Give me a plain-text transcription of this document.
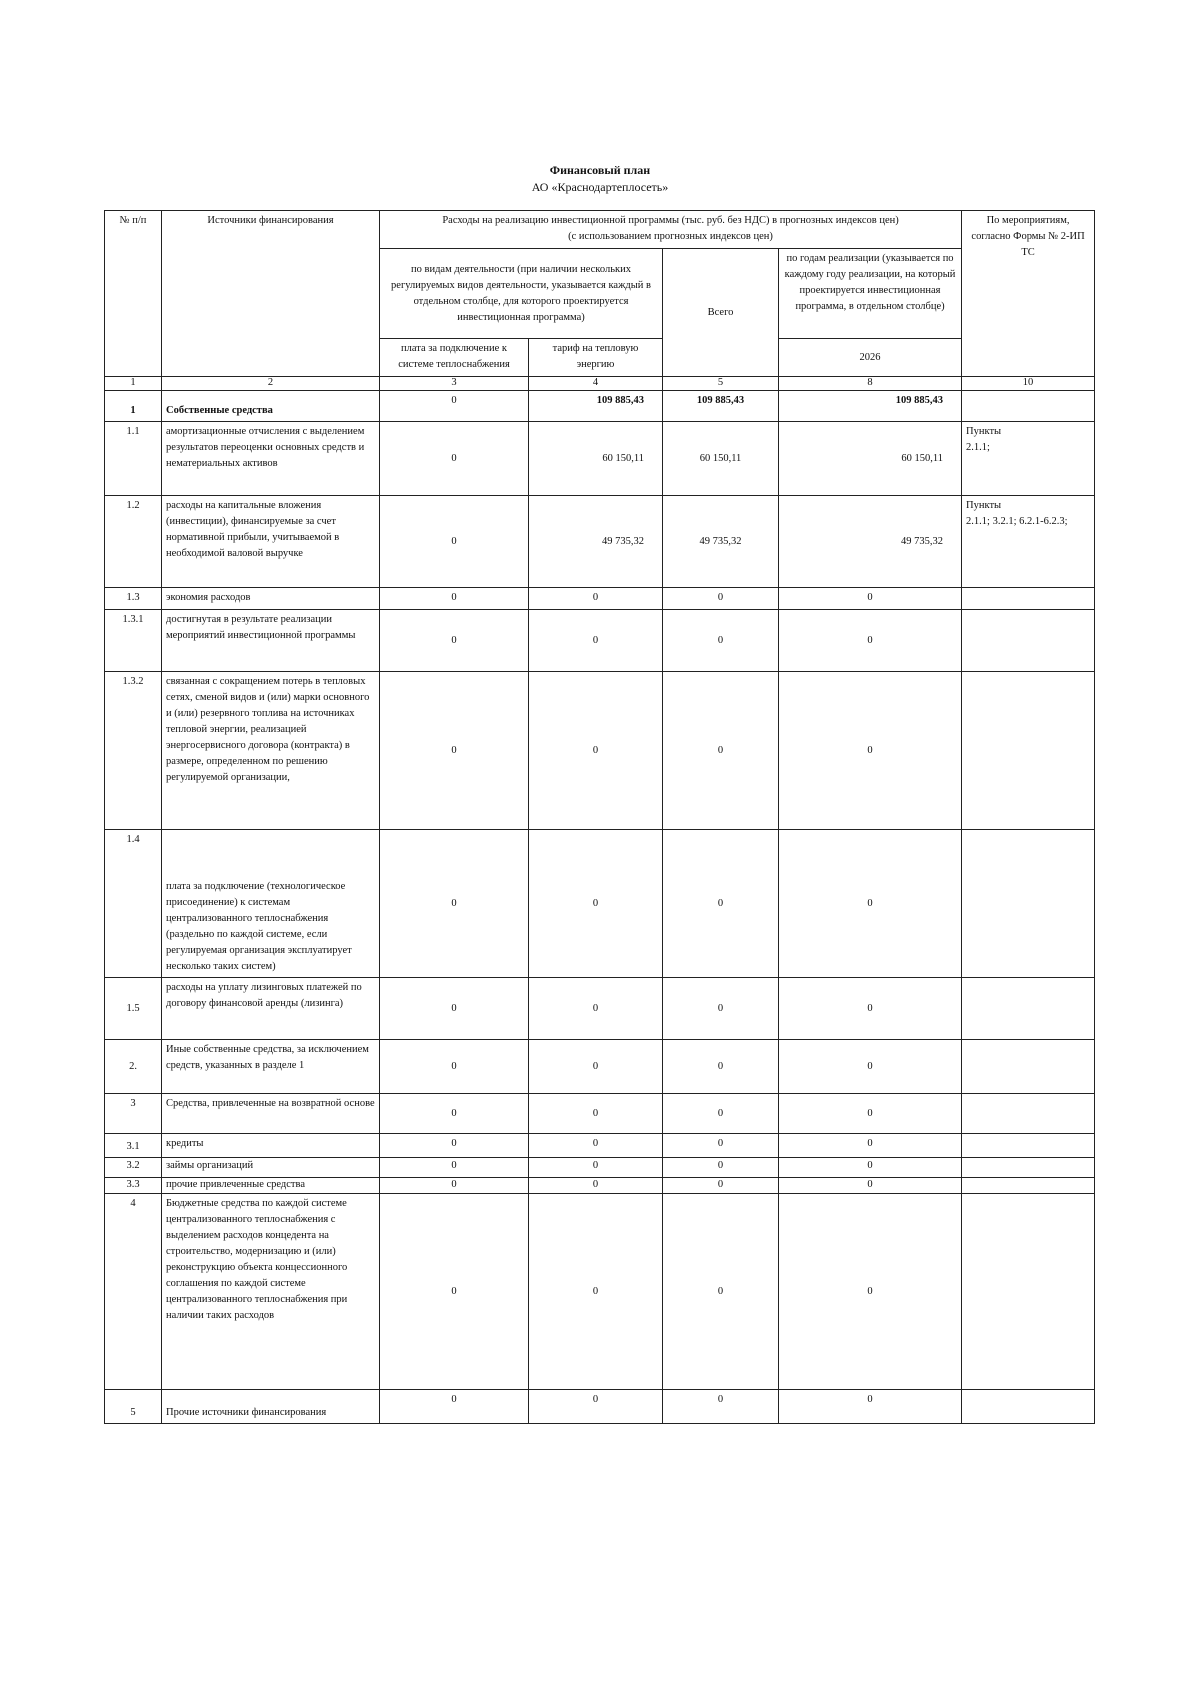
Финансовый план
АО «Краснодартеплосеть»
№ п/п	Источники финансирования	Расходы на реализацию инвестиционной программы (тыс. руб. без НДС) в прогнозных индексов цен)
(с использованием прогнозных индексов цен)				По мероприятиям, согласно Формы № 2-ИП ТС
		по видам деятельности (при наличии нескольких регулируемых видов деятельности, указывается каждый в отдельном столбце, для которого проектируется инвестиционная программа)		Всего	по годам реализации (указывается по каждому году реализации, на который проектируется инвестиционная программа, в отдельном столбце)	
		плата за подключение к системе теплоснабжения	тариф на тепловую энергию		2026	
1	2	3	4	5	8	10
1	Собственные средства	0	109 885,43	109 885,43	109 885,43	
1.1	амортизационные отчисления с выделением результатов переоценки основных средств и нематериальных активов	0	60 150,11	60 150,11	60 150,11	Пункты
2.1.1;

1.2	расходы на капитальные вложения (инвестиции), финансируемые за счет нормативной прибыли, учитываемой в необходимой валовой выручке	0	49 735,32	49 735,32	49 735,32	Пункты
2.1.1; 3.2.1; 6.2.1-6.2.3;

1.3	экономия расходов	0	0	0	0	
1.3.1	достигнутая в результате реализации мероприятий инвестиционной программы	0	0	0	0	
1.3.2	связанная с сокращением потерь в тепловых сетях, сменой видов и (или) марки основного и (или) резервного топлива на источниках тепловой энергии, реализацией энергосервисного договора (контракта) в размере, определенном по решению регулируемой организации,	0	0	0	0	
1.4	плата за подключение (технологическое присоединение) к системам централизованного теплоснабжения (раздельно по каждой системе, если регулируемая организация эксплуатирует несколько таких систем)	0	0	0	0	
1.5	расходы на уплату лизинговых платежей по договору финансовой аренды (лизинга)	0	0	0	0	
2.	Иные собственные средства, за исключением средств, указанных в разделе 1	0	0	0	0	
3	Средства, привлеченные на возвратной основе	0	0	0	0	
3.1	кредиты	0	0	0	0	
3.2	займы организаций	0	0	0	0	
3.3	прочие привлеченные средства	0	0	0	0	
4	Бюджетные средства по каждой системе централизованного теплоснабжения с выделением расходов концедента на строительство, модернизацию и (или) реконструкцию объекта концессионного соглашения по каждой системе централизованного теплоснабжения при наличии таких расходов	0	0	0	0	
5	Прочие источники финансирования	0	0	0	0	
